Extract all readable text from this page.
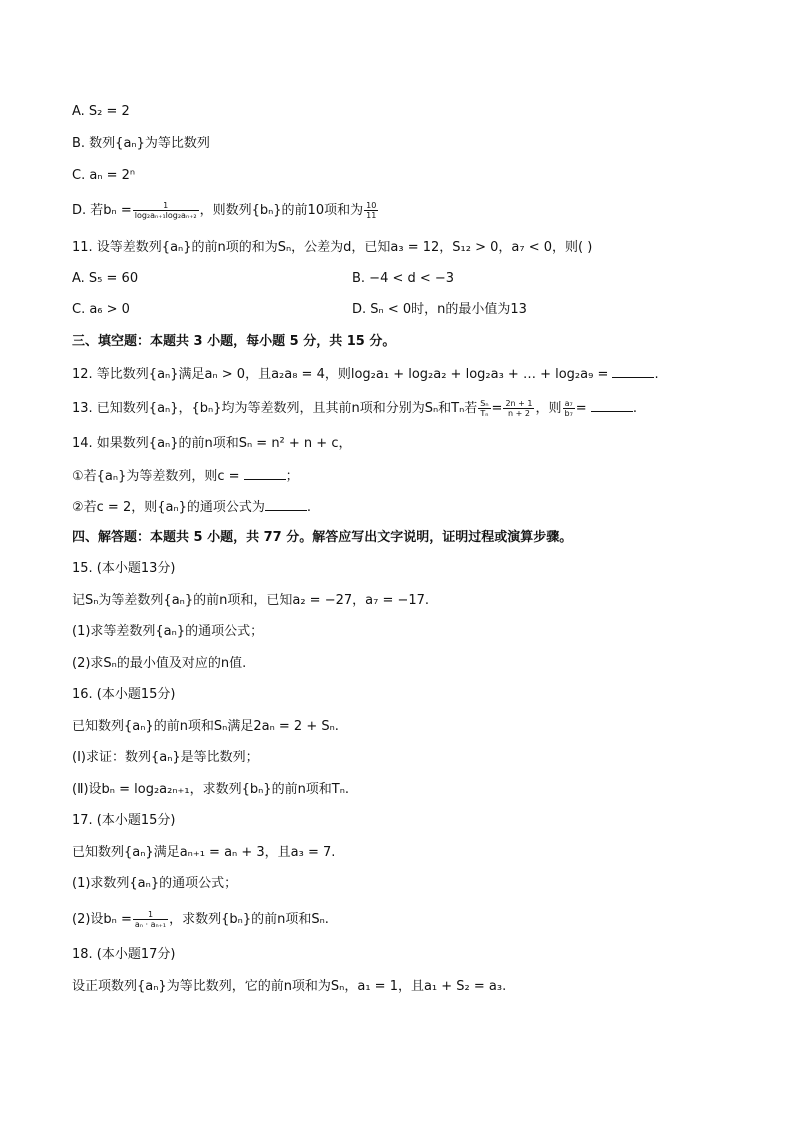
A. S₂ = 2
B. 数列{aₙ}为等比数列
C. aₙ = 2ⁿ
D. 若$b_n = \frac{1}{\text{log₂aₙ₊₁log₂aₙ₊₂}}$ ，则数列{bₙ}的前10项和为 $\frac{10}{11}$
11. 设等差数列{aₙ}的前n项的和为Sₙ，公差为d，已知a₃ = 12，S₁₂ > 0，a₇ < 0，则( )
A. S₅ = 60	B. −4 < d < −3
C. a₆ > 0	D. Sₙ < 0时，n的最小值为13
三、填空题：本题共 3 小题，每小题 5 分，共 15 分。
12. 等比数列{aₙ}满足aₙ > 0，且a₂a₈ = 4，则log₂a₁ + log₂a₂ + log₂a₃ + … + log₂a₉ =	.
13. 已知数列{aₙ}，{bₙ}均为等差数列，且其前n项和分别为Sₙ和Tₙ若 $\frac{\text{Sₙ}}{\text{Tₙ}} = \frac{2n + 1}{n + 2}$ ，则 $\frac{\text{a₇}}{\text{b₇}}$ =	.
14. 如果数列{aₙ}的前n项和Sₙ = n² + n + c，
①若{aₙ}为等差数列，则c =	；
②若c = 2，则{aₙ}的通项公式为	.
四、解答题：本题共 5 小题，共 77 分。解答应写出文字说明，证明过程或演算步骤。
15. (本小题13分)
记Sₙ为等差数列{aₙ}的前n项和，已知a₂ = −27，a₇ = −17.
(1)求等差数列{aₙ}的通项公式；
(2)求Sₙ的最小值及对应的n值.
16. (本小题15分)
已知数列{aₙ}的前n项和Sₙ满足2aₙ = 2 + Sₙ.
(Ⅰ)求证：数列{aₙ}是等比数列；
(Ⅱ)设bₙ = log₂a₂ₙ₊₁，求数列{bₙ}的前n项和Tₙ.
17. (本小题15分)
已知数列{aₙ}满足aₙ₊₁ = aₙ + 3，且a₃ = 7.
(1)求数列{aₙ}的通项公式；
(2)设$b_n = \frac{1}{\text{aₙ · aₙ₊₁}}$ ，求数列{bₙ}的前n项和Sₙ.
18. (本小题17分)
设正项数列{aₙ}为等比数列，它的前n项和为Sₙ，a₁ = 1，且a₁ + S₂ = a₃.
